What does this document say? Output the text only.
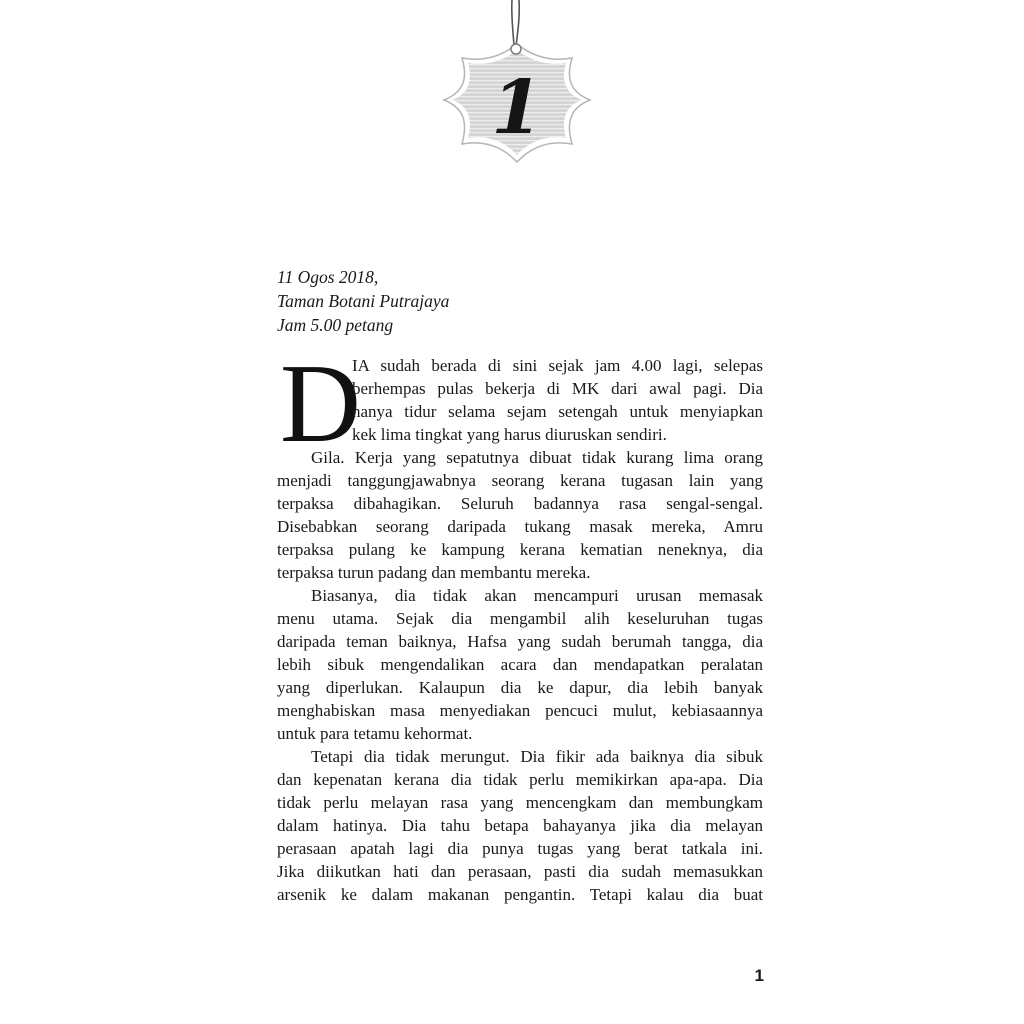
1
11 Ogos 2018,
Taman Botani Putrajaya
Jam 5.00 petang
D
IA sudah berada di sini sejak jam 4.00 lagi, selepas
berhempas pulas bekerja di MK dari awal pagi. Dia
hanya tidur selama sejam setengah untuk menyiapkan
kek lima tingkat yang harus diuruskan sendiri.
Gila. Kerja yang sepatutnya dibuat tidak kurang lima orang
menjadi tanggungjawabnya seorang kerana tugasan lain yang
terpaksa dibahagikan. Seluruh badannya rasa sengal-sengal.
Disebabkan seorang daripada tukang masak mereka, Amru
terpaksa pulang ke kampung kerana kematian neneknya, dia
terpaksa turun padang dan membantu mereka.
Biasanya, dia tidak akan mencampuri urusan memasak
menu utama. Sejak dia mengambil alih keseluruhan tugas
daripada teman baiknya, Hafsa yang sudah berumah tangga, dia
lebih sibuk mengendalikan acara dan mendapatkan peralatan
yang diperlukan. Kalaupun dia ke dapur, dia lebih banyak
menghabiskan masa menyediakan pencuci mulut, kebiasaannya
untuk para tetamu kehormat.
Tetapi dia tidak merungut. Dia fikir ada baiknya dia sibuk
dan kepenatan kerana dia tidak perlu memikirkan apa-apa. Dia
tidak perlu melayan rasa yang mencengkam dan membungkam
dalam hatinya. Dia tahu betapa bahayanya jika dia melayan
perasaan apatah lagi dia punya tugas yang berat tatkala ini.
Jika diikutkan hati dan perasaan, pasti dia sudah memasukkan
arsenik ke dalam makanan pengantin. Tetapi kalau dia buat
1
